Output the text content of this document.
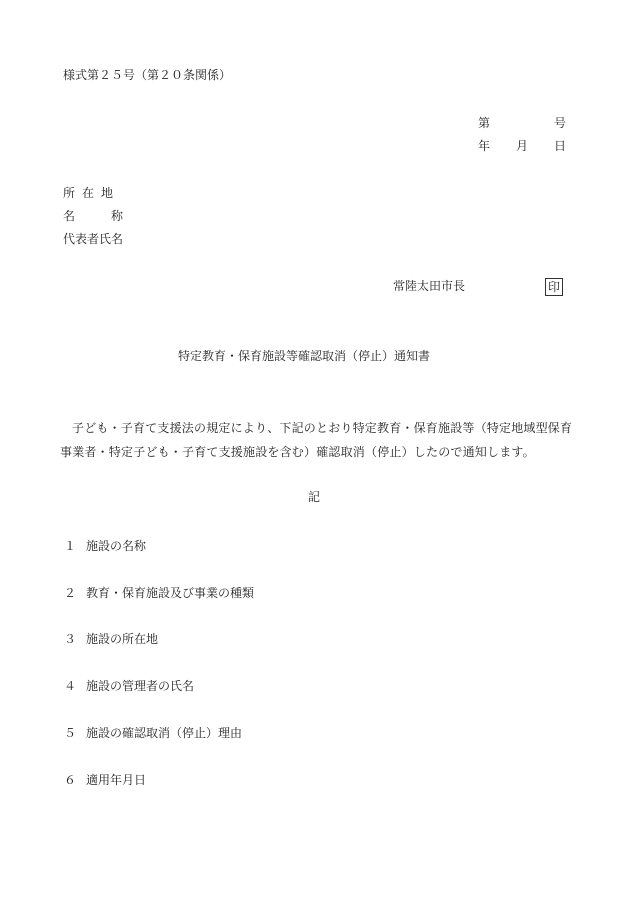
様式第２５号（第２０条関係）
第	号
年 月 日
所在地
名	称
代表者氏名
常陸太田市長	印
特定教育・保育施設等確認取消（停止）通知書
子ども・子育て支援法の規定により、下記のとおり特定教育・保育施設等（特定地域型保育事業者・特定子ども・子育て支援施設を含む）確認取消（停止）したので通知します。
記
１ 施設の名称
２ 教育・保育施設及び事業の種類
３ 施設の所在地
４ 施設の管理者の氏名
５ 施設の確認取消（停止）理由
６ 適用年月日
